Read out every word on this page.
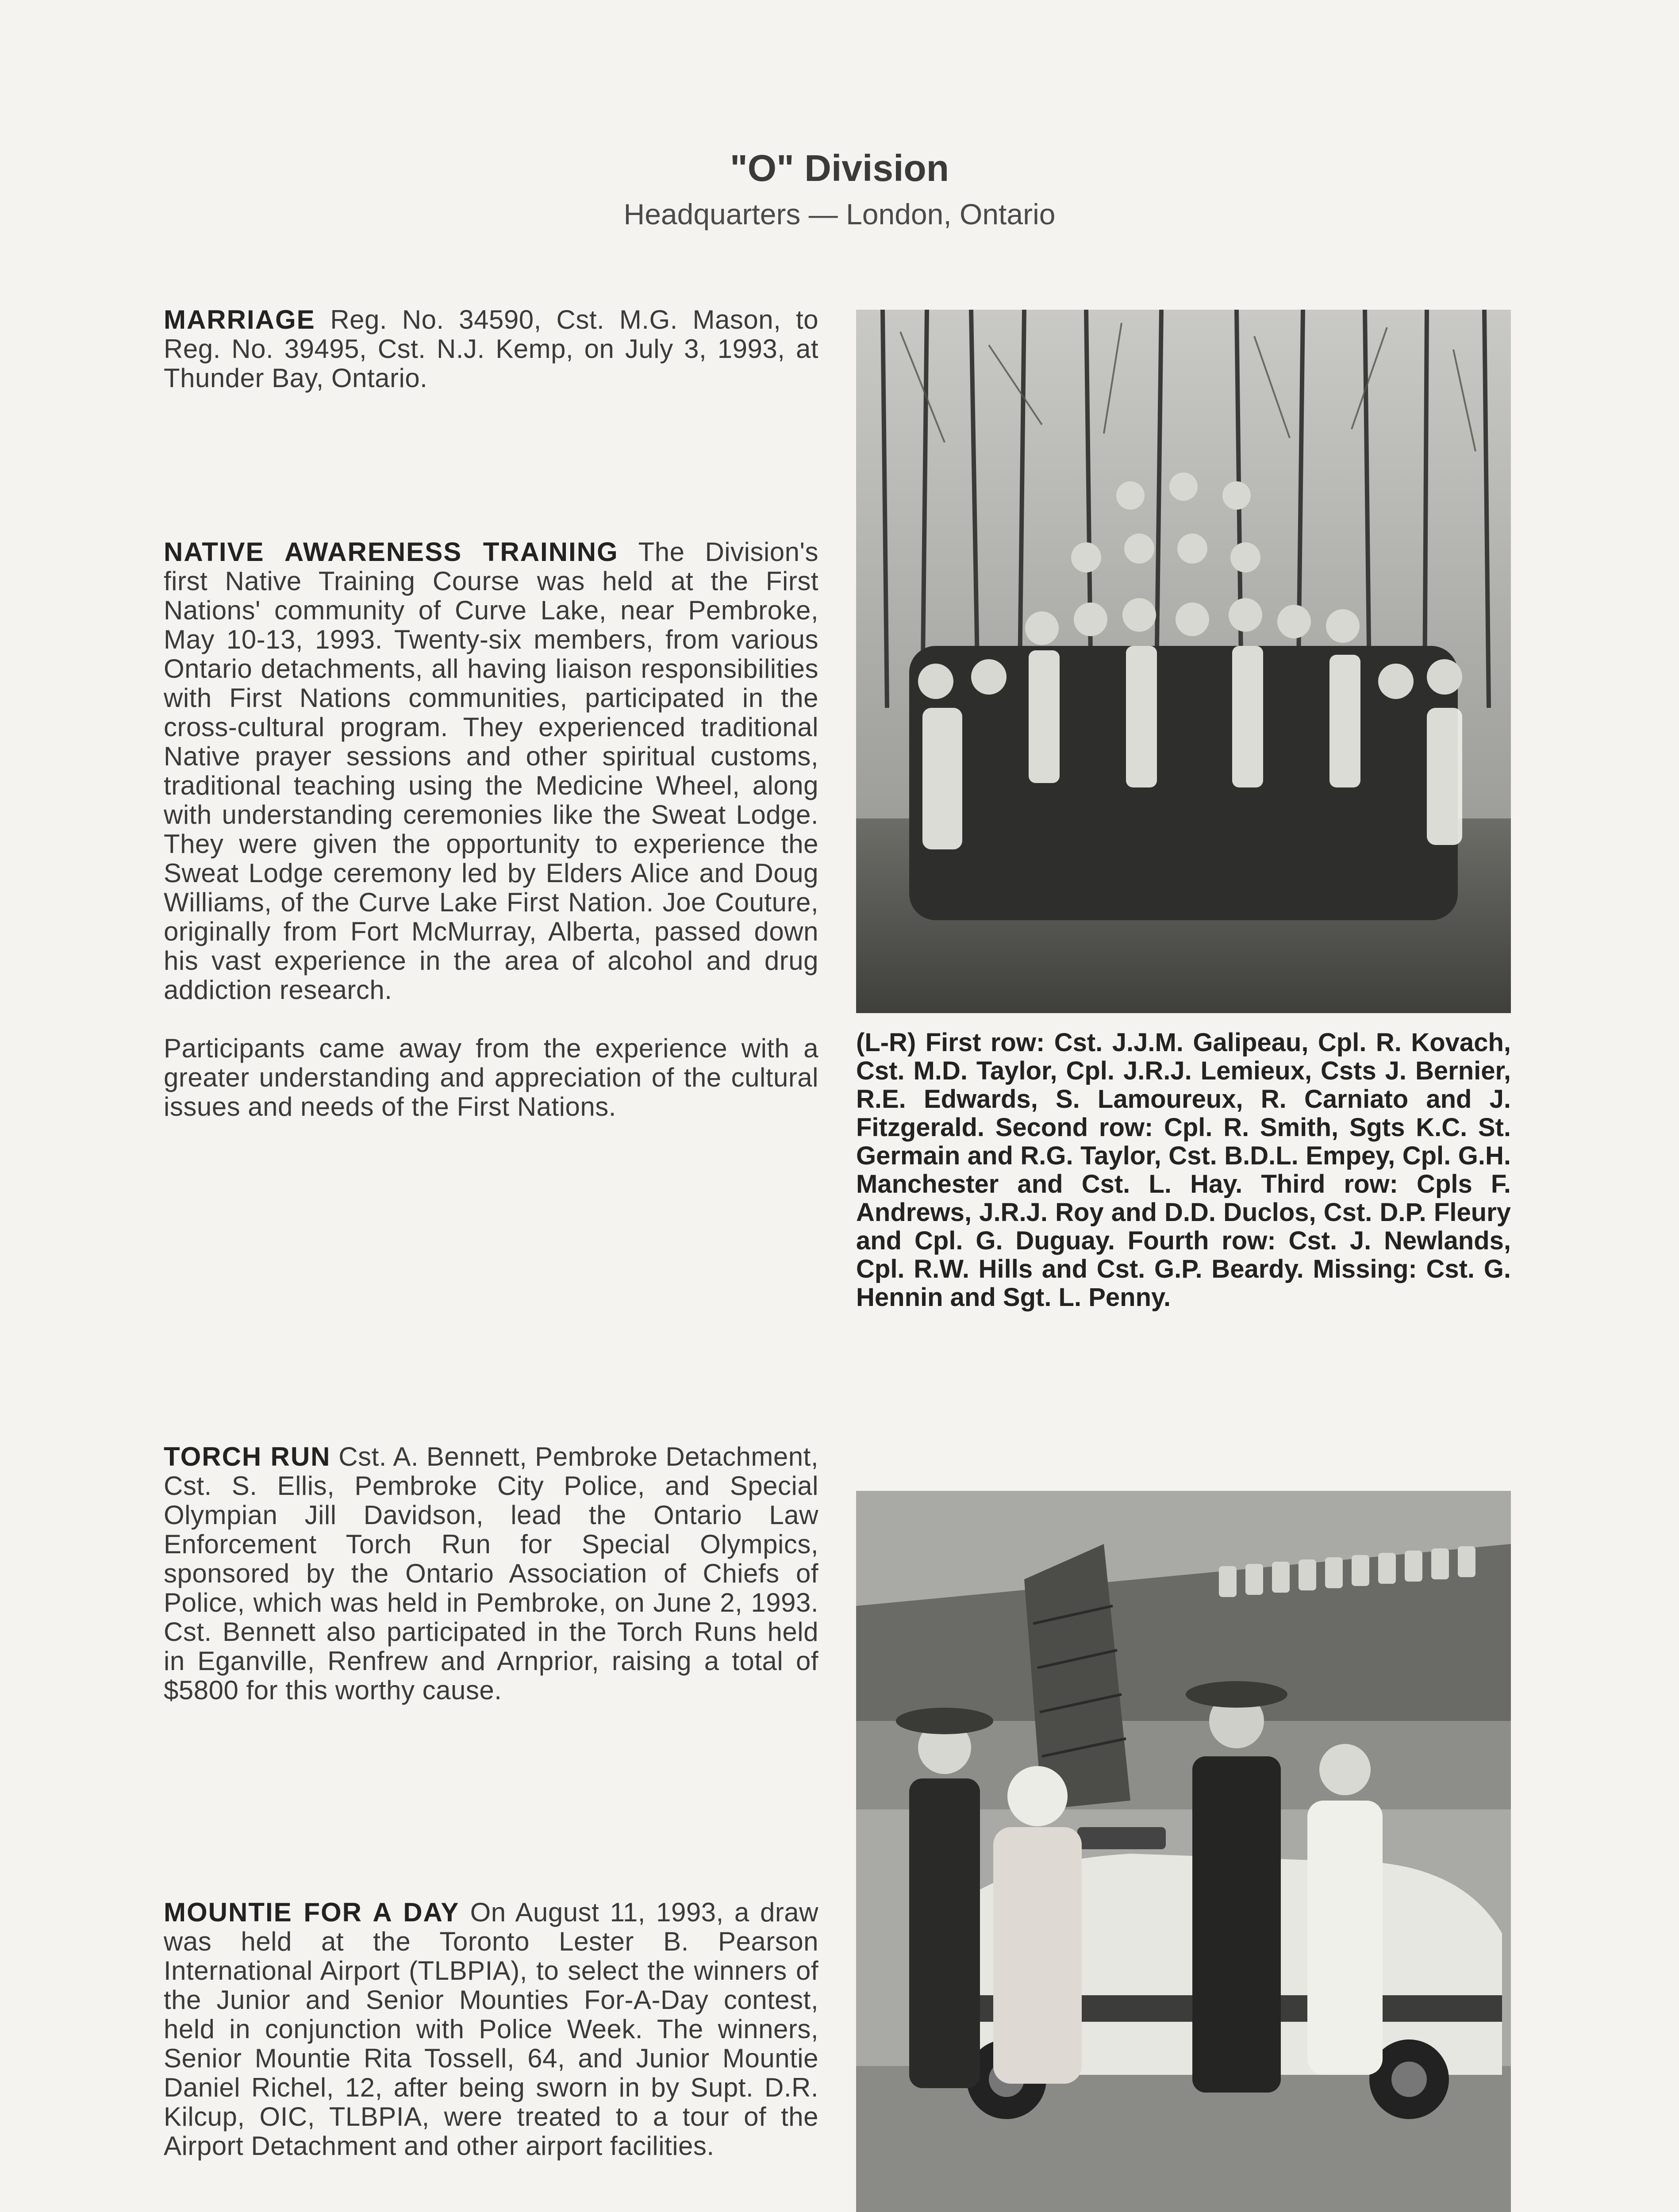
"O" Division
Headquarters — London, Ontario
MARRIAGE Reg. No. 34590, Cst. M.G. Mason, to Reg. No. 39495, Cst. N.J. Kemp, on July 3, 1993, at Thunder Bay, Ontario.
NATIVE AWARENESS TRAINING The Division's first Native Training Course was held at the First Nations' community of Curve Lake, near Pembroke, May 10-13, 1993. Twenty-six members, from various Ontario detachments, all having liaison responsibilities with First Nations communities, participated in the cross-cultural program. They experienced traditional Native prayer sessions and other spiritual customs, traditional teaching using the Medicine Wheel, along with understanding ceremonies like the Sweat Lodge. They were given the opportunity to experience the Sweat Lodge ceremony led by Elders Alice and Doug Williams, of the Curve Lake First Nation. Joe Couture, originally from Fort McMurray, Alberta, passed down his vast experience in the area of alcohol and drug addiction research.
Participants came away from the experience with a greater understanding and appreciation of the cultural issues and needs of the First Nations.
(L-R) First row: Cst. J.J.M. Galipeau, Cpl. R. Kovach, Cst. M.D. Taylor, Cpl. J.R.J. Lemieux, Csts J. Bernier, R.E. Edwards, S. Lamoureux, R. Carniato and J. Fitzgerald. Second row: Cpl. R. Smith, Sgts K.C. St. Germain and R.G. Taylor, Cst. B.D.L. Empey, Cpl. G.H. Manchester and Cst. L. Hay. Third row: Cpls F. Andrews, J.R.J. Roy and D.D. Duclos, Cst. D.P. Fleury and Cpl. G. Duguay. Fourth row: Cst. J. Newlands, Cpl. R.W. Hills and Cst. G.P. Beardy. Missing: Cst. G. Hennin and Sgt. L. Penny.
TORCH RUN Cst. A. Bennett, Pembroke Detachment, Cst. S. Ellis, Pembroke City Police, and Special Olympian Jill Davidson, lead the Ontario Law Enforcement Torch Run for Special Olympics, sponsored by the Ontario Association of Chiefs of Police, which was held in Pembroke, on June 2, 1993. Cst. Bennett also participated in the Torch Runs held in Eganville, Renfrew and Arnprior, raising a total of $5800 for this worthy cause.
MOUNTIE FOR A DAY On August 11, 1993, a draw was held at the Toronto Lester B. Pearson International Airport (TLBPIA), to select the winners of the Junior and Senior Mounties For-A-Day contest, held in conjunction with Police Week. The winners, Senior Mountie Rita Tossell, 64, and Junior Mountie Daniel Richel, 12, after being sworn in by Supt. D.R. Kilcup, OIC, TLBPIA, were treated to a tour of the Airport Detachment and other airport facilities.
